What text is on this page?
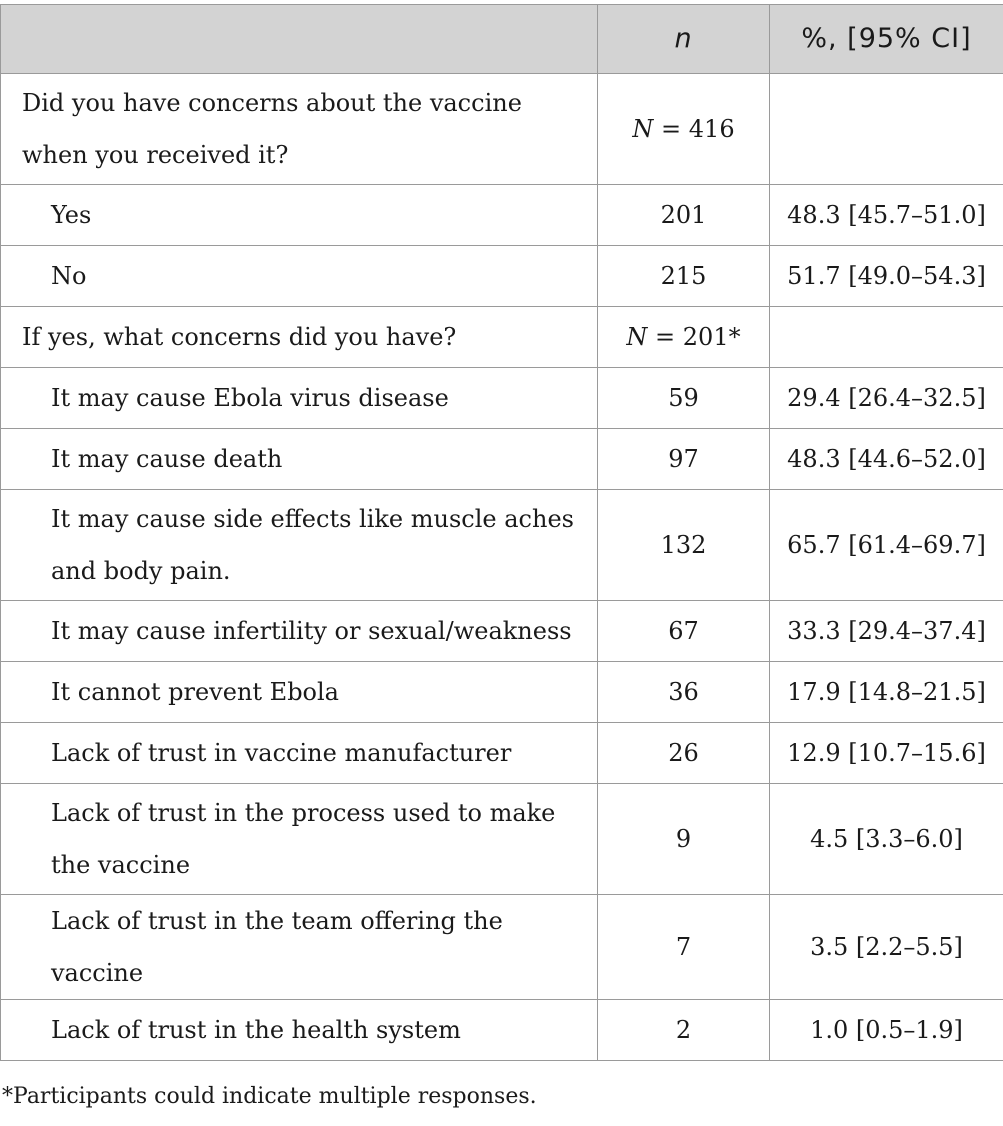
	n	%, [95% CI]
Did you have concerns about the vaccine when you received it?	N = 416	
Yes	201	48.3 [45.7–51.0]
No	215	51.7 [49.0–54.3]
If yes, what concerns did you have?	N = 201*	
It may cause Ebola virus disease	59	29.4 [26.4–32.5]
It may cause death	97	48.3 [44.6–52.0]
It may cause side effects like muscle aches and body pain.	132	65.7 [61.4–69.7]
It may cause infertility or sexual/weakness	67	33.3 [29.4–37.4]
It cannot prevent Ebola	36	17.9 [14.8–21.5]
Lack of trust in vaccine manufacturer	26	12.9 [10.7–15.6]
Lack of trust in the process used to make the vaccine	9	4.5 [3.3–6.0]
Lack of trust in the team offering the vaccine	7	3.5 [2.2–5.5]
Lack of trust in the health system	2	1.0 [0.5–1.9]
*Participants could indicate multiple responses.
